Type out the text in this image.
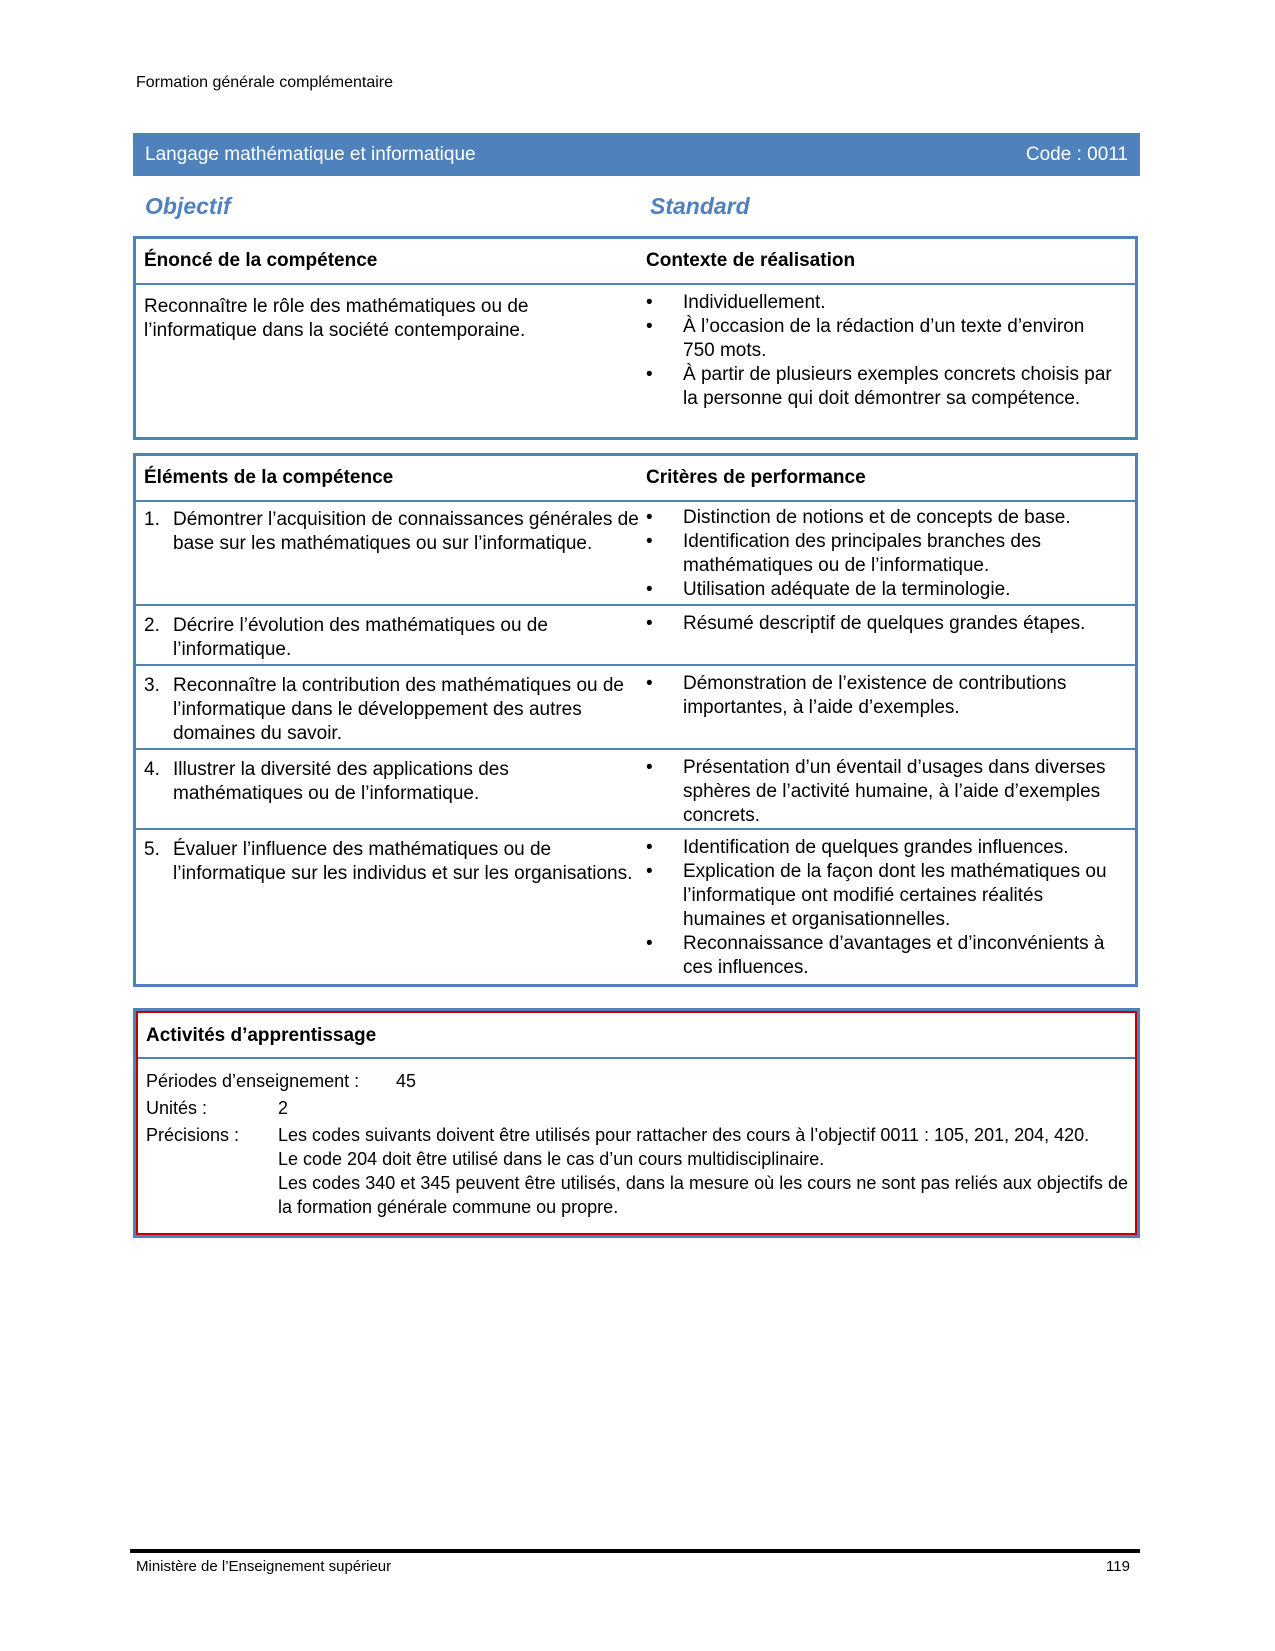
Formation générale complémentaire
Langage mathématique et informatique	Code : 0011
Objectif	Standard
Énoncé de la compétence	Contexte de réalisation
Reconnaître le rôle des mathématiques ou de l’informatique dans la société contemporaine.
• Individuellement.
• À l’occasion de la rédaction d’un texte d’environ 750 mots.
• À partir de plusieurs exemples concrets choisis par la personne qui doit démontrer sa compétence.
Éléments de la compétence	Critères de performance
1. Démontrer l’acquisition de connaissances générales de base sur les mathématiques ou sur l’informatique.
• Distinction de notions et de concepts de base.
• Identification des principales branches des mathématiques ou de l’informatique.
• Utilisation adéquate de la terminologie.
2. Décrire l’évolution des mathématiques ou de l’informatique.
• Résumé descriptif de quelques grandes étapes.
3. Reconnaître la contribution des mathématiques ou de l’informatique dans le développement des autres domaines du savoir.
• Démonstration de l’existence de contributions importantes, à l’aide d’exemples.
4. Illustrer la diversité des applications des mathématiques ou de l’informatique.
• Présentation d’un éventail d’usages dans diverses sphères de l’activité humaine, à l’aide d’exemples concrets.
5. Évaluer l’influence des mathématiques ou de l’informatique sur les individus et sur les organisations.
• Identification de quelques grandes influences.
• Explication de la façon dont les mathématiques ou l’informatique ont modifié certaines réalités humaines et organisationnelles.
• Reconnaissance d’avantages et d’inconvénients à ces influences.
Activités d’apprentissage
Périodes d’enseignement : 45
Unités :	2
Précisions : Les codes suivants doivent être utilisés pour rattacher des cours à l’objectif 0011 : 105, 201, 204, 420.
Le code 204 doit être utilisé dans le cas d’un cours multidisciplinaire.
Les codes 340 et 345 peuvent être utilisés, dans la mesure où les cours ne sont pas reliés aux objectifs de la formation générale commune ou propre.
Ministère de l’Enseignement supérieur	119
